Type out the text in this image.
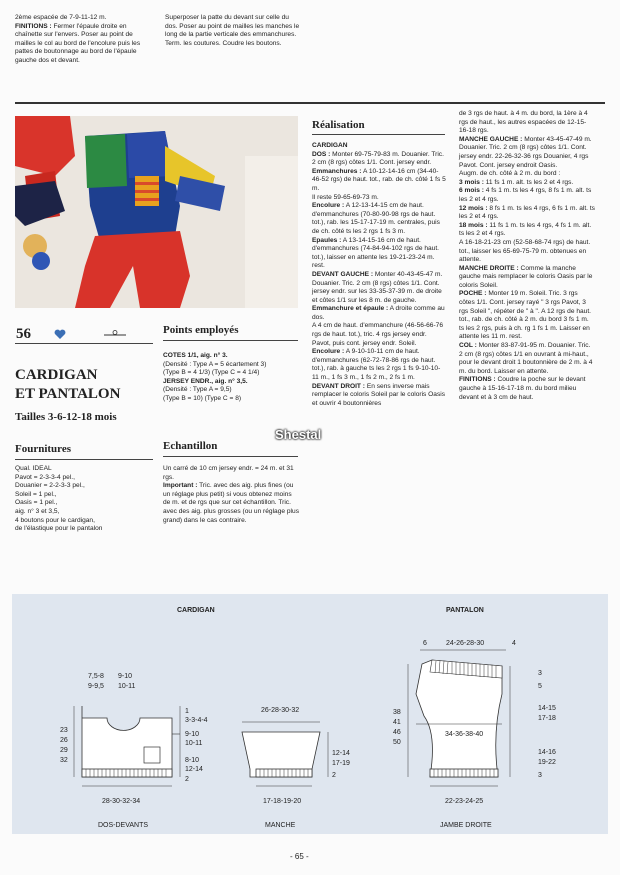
2ème espacée de 7-9-11-12 m.

FINITIONS : Fermer l'épaule droite en chaînette sur l'envers. Poser au point de mailles le col au bord de l'encolure puis les pattes de boutonnage au bord de l'épaule gauche dos et devant.

Superposer la patte du devant sur celle du dos. Poser au point de mailles les manches le long de la partie verticale des emmanchures. Term. les coutures. Coudre les boutons.
56
CARDIGAN
ET PANTALON
Tailles 3-6-12-18 mois
Fournitures
Qual. IDEAL
Pavot = 2-3-3-4 pel.,
Douanier = 2-2-3-3 pel.,
Soleil = 1 pel.,
Oasis = 1 pel.,
aig. n° 3 et 3,5,
4 boutons pour le cardigan,
de l'élastique pour le pantalon
Points employés
COTES 1/1, aig. n° 3.
(Densité : Type A = 5 écartement 3)
(Type B = 4 1/3) (Type C = 4 1/4)
JERSEY ENDR., aig. n° 3,5.
(Densité : Type A = 9,5)
(Type B = 10) (Type C = 8)
Echantillon
Un carré de 10 cm jersey endr. = 24 m. et 31 rgs.
Important : Tric. avec des aig. plus fines (ou un réglage plus petit) si vous obtenez moins de m. et de rgs que sur cet échantillon. Tric. avec des aig. plus grosses (ou un réglage plus grand) dans le cas contraire.
Réalisation
CARDIGAN
DOS : Monter 69-75-79-83 m. Douanier. Tric. 2 cm (8 rgs) côtes 1/1. Cont. jersey endr.
Emmanchures : A 10-12-14-16 cm (34-40-46-52 rgs) de haut. tot., rab. de ch. côté 1 fs 5 m.
Il reste 59-65-69-73 m.
Encolure : A 12-13-14-15 cm de haut. d'emmanchures (70-80-90-98 rgs de haut. tot.), rab. les 15-17-17-19 m. centrales, puis de ch. côté ts les 2 rgs 1 fs 3 m.
Epaules : A 13-14-15-16 cm de haut. d'emmanchures (74-84-94-102 rgs de haut. tot.), laisser en attente les 19-21-23-24 m. rest.
DEVANT GAUCHE : Monter 40-43-45-47 m. Douanier. Tric. 2 cm (8 rgs) côtes 1/1. Cont. jersey endr. sur les 33-35-37-39 m. de droite et côtes 1/1 sur les 8 m. de gauche.
Emmanchure et épaule : A droite comme au dos.
A 4 cm de haut. d'emmanchure (46-56-66-76 rgs de haut. tot.), tric. 4 rgs jersey endr. Pavot, puis cont. jersey endr. Soleil.
Encolure : A 9-10-10-11 cm de haut. d'emmanchures (62-72-78-86 rgs de haut. tot.), rab. à gauche ts les 2 rgs 1 fs 9-10-10-11 m., 1 fs 3 m., 1 fs 2 m., 2 fs 1 m.
DEVANT DROIT : En sens inverse mais remplacer le coloris Soleil par le coloris Oasis et ouvrir 4 boutonnières
de 3 rgs de haut. à 4 m. du bord, la 1ère à 4 rgs de haut., les autres espacées de 12-15-16-18 rgs.
MANCHE GAUCHE : Monter 43-45-47-49 m. Douanier. Tric. 2 cm (8 rgs) côtes 1/1. Cont. jersey endr. 22-26-32-36 rgs Douanier, 4 rgs Pavot. Cont. jersey endroit Oasis.
Augm. de ch. côté à 2 m. du bord :
3 mois : 11 fs 1 m. alt. ts les 2 et 4 rgs.
6 mois : 4 fs 1 m. ts les 4 rgs, 8 fs 1 m. alt. ts les 2 et 4 rgs.
12 mois : 8 fs 1 m. ts les 4 rgs, 6 fs 1 m. alt. ts les 2 et 4 rgs.
18 mois : 11 fs 1 m. ts les 4 rgs, 4 fs 1 m. alt. ts les 2 et 4 rgs.
A 16-18-21-23 cm (52-58-68-74 rgs) de haut. tot., laisser les 65-69-75-79 m. obtenues en attente.
MANCHE DROITE : Comme la manche gauche mais remplacer le coloris Oasis par le coloris Soleil.
POCHE : Monter 19 m. Soleil. Tric. 3 rgs côtes 1/1. Cont. jersey rayé " 3 rgs Pavot, 3 rgs Soleil ", répéter de " à ". A 12 rgs de haut. tot., rab. de ch. côté à 2 m. du bord 3 fs 1 m. ts les 2 rgs, puis à ch. rg 1 fs 1 m. Laisser en attente les 11 m. rest.
COL : Monter 83-87-91-95 m. Douanier. Tric. 2 cm (8 rgs) côtes 1/1 en ouvrant à mi-haut., pour le devant droit 1 boutonnière de 2 m. à 4 m. du bord. Laisser en attente.
FINITIONS : Coudre la poche sur le devant gauche à 15-16-17-18 m. du bord milieu devant et à 3 cm de haut.
Shestal
CARDIGAN	PANTALON
7,5-8
9-9,5
9-10
10-11
23
26
29
32
1
3-3-4-4
9-10
10-11
8-10
12-14
2
28-30-32-34
DOS-DEVANTS
26-28-30-32
12-14
17-19
2
17-18-19-20
MANCHE
6	24-26-28-30	4
38
41
46
50
3
5
14-15
17-18
34-36-38-40
14-16
19-22
3
22-23-24-25
JAMBE DROITE
- 65 -
